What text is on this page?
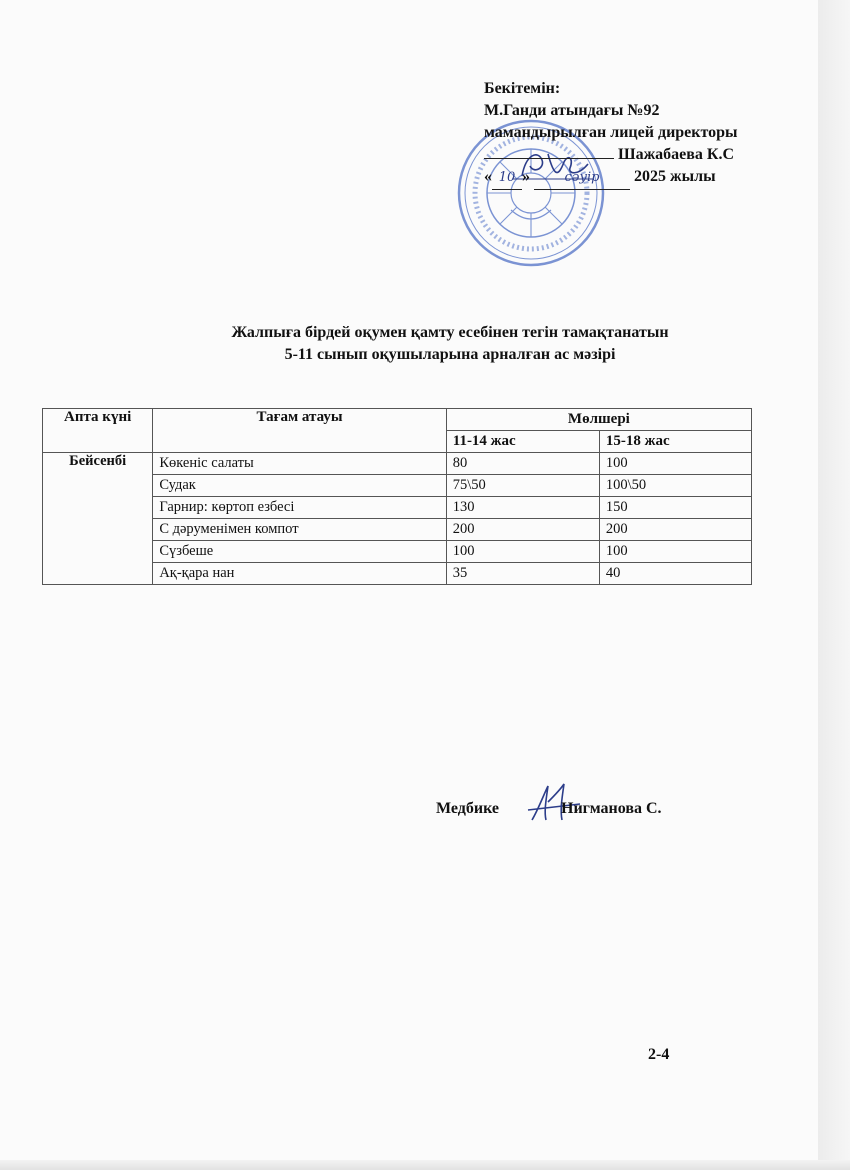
Бекітемін:
М.Ганди атындағы №92
мамандырылған лицей директоры
Шажабаева К.С
« 10 »	сәуір 2025 жылы
Жалпыға бірдей оқумен қамту есебінен тегін тамақтанатын
5-11 сынып оқушыларына арналған ас мәзірі
Апта күні	Тағам атауы	Мөлшері	
		11-14 жас	15-18 жас
Бейсенбі	Көкеніс салаты	80	100
	Судак	75\50	100\50
	Гарнир: көртоп езбесі	130	150
	С дәруменімен компот	200	200
	Сүзбеше	100	100
	Ақ-қара нан	35	40
Медбике	Нигманова С.
2-4
